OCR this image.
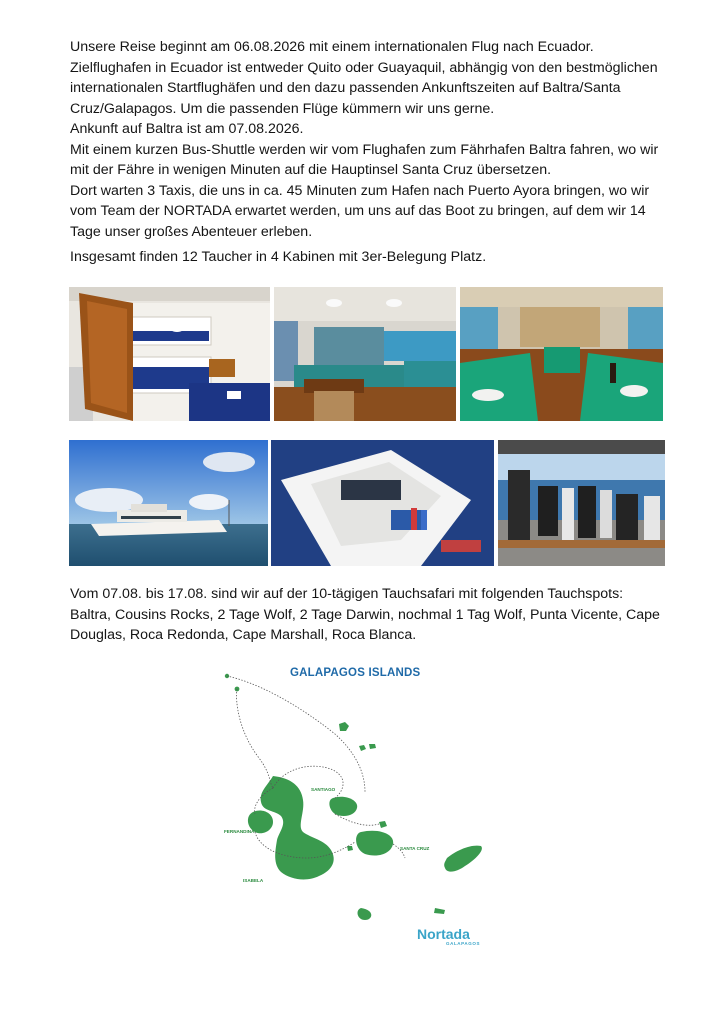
Unsere Reise beginnt am 06.08.2026 mit einem internationalen Flug nach Ecuador.
Zielflughafen in Ecuador ist entweder Quito oder Guayaquil, abhängig von den bestmöglichen
internationalen Startflughäfen und den dazu passenden Ankunftszeiten auf Baltra/Santa
Cruz/Galapagos. Um die passenden Flüge kümmern wir uns gerne.
Ankunft auf Baltra ist am 07.08.2026.
Mit einem kurzen Bus-Shuttle werden wir vom Flughafen zum Fährhafen Baltra fahren, wo wir
mit der Fähre in wenigen Minuten auf die Hauptinsel Santa Cruz übersetzen.
Dort warten 3 Taxis, die uns in ca. 45 Minuten zum Hafen nach Puerto Ayora bringen, wo wir
vom Team der NORTADA erwartet werden, um uns auf das Boot zu bringen, auf dem wir 14
Tage unser großes Abenteuer erleben.
Insgesamt finden 12 Taucher in 4 Kabinen mit 3er-Belegung Platz.
Vom 07.08. bis 17.08. sind wir auf der 10-tägigen Tauchsafari mit folgenden Tauchspots:
Baltra, Cousins Rocks, 2 Tage Wolf, 2 Tage Darwin, nochmal 1 Tag Wolf, Punta Vicente, Cape
Douglas, Roca Redonda, Cape Marshall, Roca Blanca.
GALAPAGOS ISLANDS
SANTIAGO
FERNANDINA
ISABELA
SANTA CRUZ
Nortada
GALAPAGOS
